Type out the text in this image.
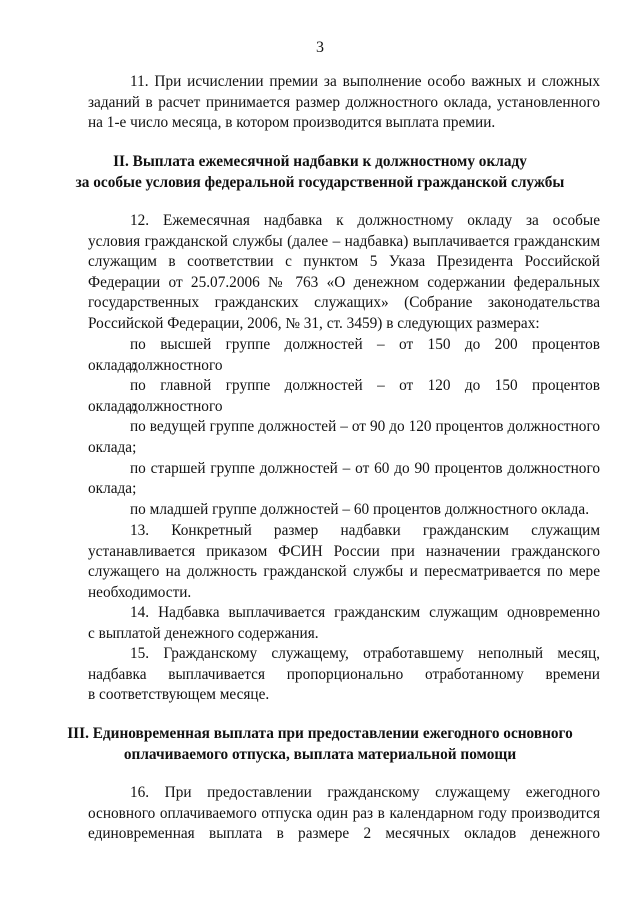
3
11. При исчислении премии за выполнение особо важных и сложных
заданий в расчет принимается размер должностного оклада, установленного
на 1-е число месяца, в котором производится выплата премии.
II. Выплата ежемесячной надбавки к должностному окладу
за особые условия федеральной государственной гражданской службы
12. Ежемесячная надбавка к должностному окладу за особые
условия гражданской службы (далее – надбавка) выплачивается гражданским
служащим в соответствии с пунктом 5 Указа Президента Российской
Федерации от 25.07.2006 № 763 «О денежном содержании федеральных
государственных гражданских служащих» (Собрание законодательства
Российской Федерации, 2006, № 31, ст. 3459) в следующих размерах:
по высшей группе должностей – от 150 до 200 процентов должностного
оклада;
по главной группе должностей – от 120 до 150 процентов должностного
оклада;
по ведущей группе должностей – от 90 до 120 процентов должностного
оклада;
по старшей группе должностей – от 60 до 90 процентов должностного
оклада;
по младшей группе должностей – 60 процентов должностного оклада.
13. Конкретный размер надбавки гражданским служащим
устанавливается приказом ФСИН России при назначении гражданского
служащего на должность гражданской службы и пересматривается по мере
необходимости.
14. Надбавка выплачивается гражданским служащим одновременно
с выплатой денежного содержания.
15. Гражданскому служащему, отработавшему неполный месяц,
надбавка выплачивается пропорционально отработанному времени
в соответствующем месяце.
III. Единовременная выплата при предоставлении ежегодного основного
оплачиваемого отпуска, выплата материальной помощи
16. При предоставлении гражданскому служащему ежегодного
основного оплачиваемого отпуска один раз в календарном году производится
единовременная выплата в размере 2 месячных окладов денежного
